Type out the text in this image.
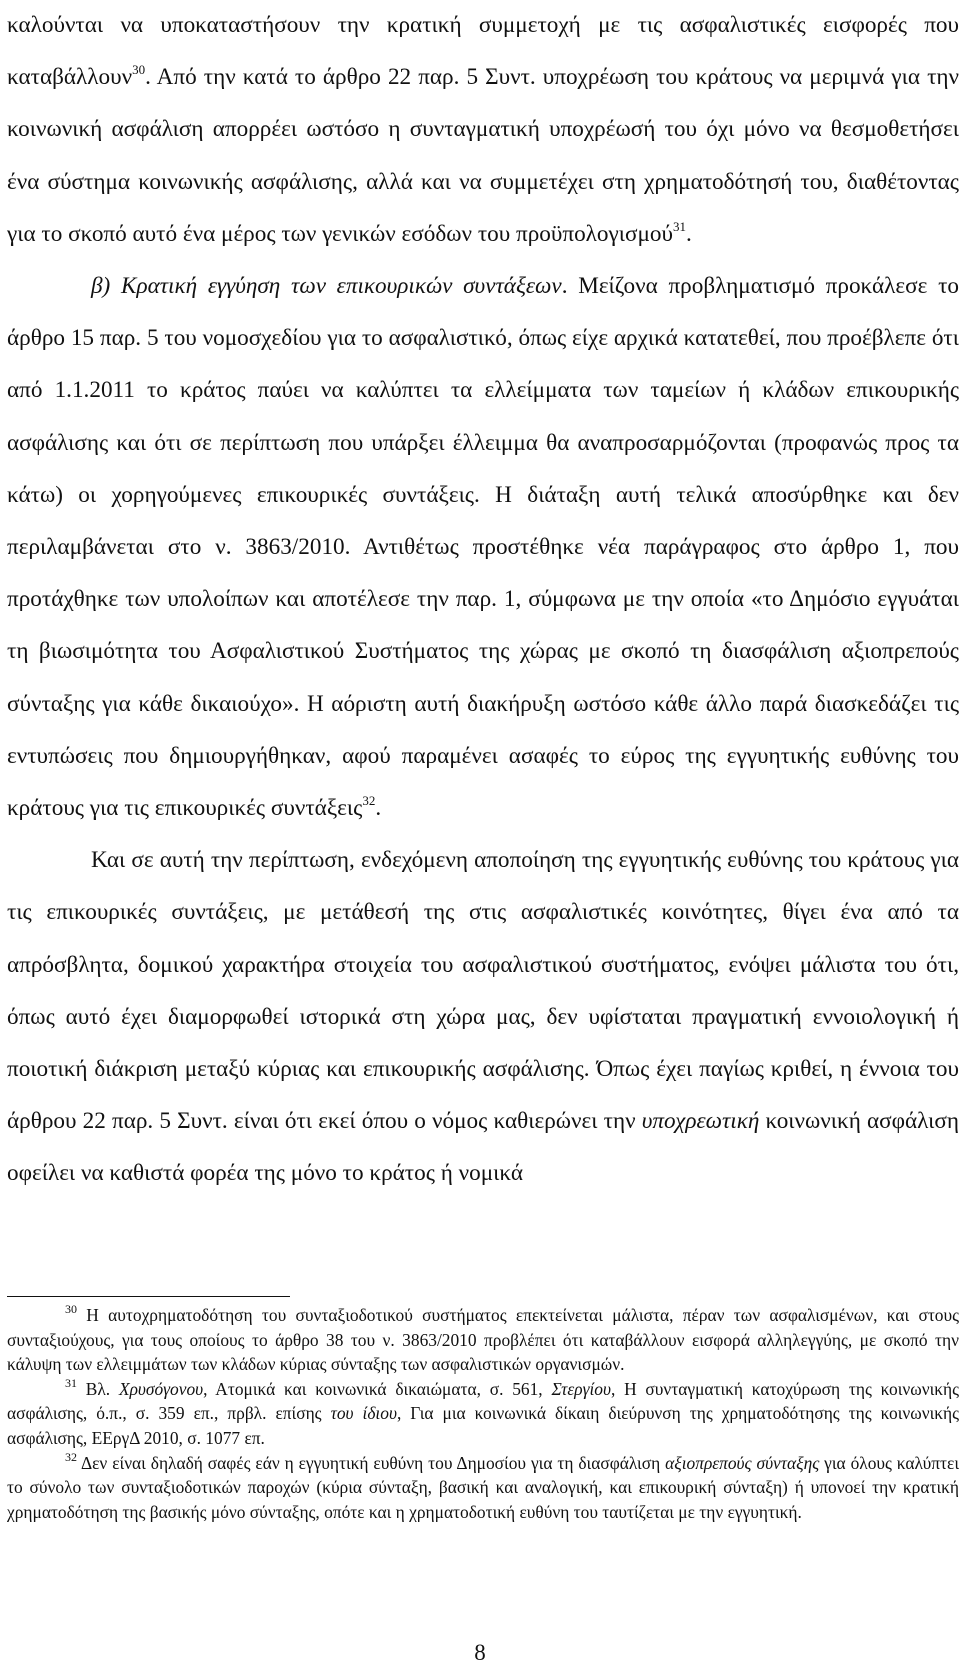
καλούνται να υποκαταστήσουν την κρατική συμμετοχή με τις ασφαλιστικές εισφορές που καταβάλλουν$^{30}$. Από την κατά το άρθρο 22 παρ. 5 Συντ. υποχρέωση του κράτους να μεριμνά για την κοινωνική ασφάλιση απορρέει ωστόσο η συνταγματική υποχρέωσή του όχι μόνο να θεσμοθετήσει ένα σύστημα κοινωνικής ασφάλισης, αλλά και να συμμετέχει στη χρηματοδότησή του, διαθέτοντας για το σκοπό αυτό ένα μέρος των γενικών εσόδων του προϋπολογισμού$^{31}$.

β) Κρατική εγγύηση των επικουρικών συντάξεων. Μείζονα προβληματισμό προκάλεσε το άρθρο 15 παρ. 5 του νομοσχεδίου για το ασφαλιστικό, όπως είχε αρχικά κατατεθεί, που προέβλεπε ότι από 1.1.2011 το κράτος παύει να καλύπτει τα ελλείμματα των ταμείων ή κλάδων επικουρικής ασφάλισης και ότι σε περίπτωση που υπάρξει έλλειμμα θα αναπροσαρμόζονται (προφανώς προς τα κάτω) οι χορηγούμενες επικουρικές συντάξεις. Η διάταξη αυτή τελικά αποσύρθηκε και δεν περιλαμβάνεται στο ν. 3863/2010. Αντιθέτως προστέθηκε νέα παράγραφος στο άρθρο 1, που προτάχθηκε των υπολοίπων και αποτέλεσε την παρ. 1, σύμφωνα με την οποία «το Δημόσιο εγγυάται τη βιωσιμότητα του Ασφαλιστικού Συστήματος της χώρας με σκοπό τη διασφάλιση αξιοπρεπούς σύνταξης για κάθε δικαιούχο». Η αόριστη αυτή διακήρυξη ωστόσο κάθε άλλο παρά διασκεδάζει τις εντυπώσεις που δημιουργήθηκαν, αφού παραμένει ασαφές το εύρος της εγγυητικής ευθύνης του κράτους για τις επικουρικές συντάξεις$^{32}$.

Και σε αυτή την περίπτωση, ενδεχόμενη αποποίηση της εγγυητικής ευθύνης του κράτους για τις επικουρικές συντάξεις, με μετάθεσή της στις ασφαλιστικές κοινότητες, θίγει ένα από τα απρόσβλητα, δομικού χαρακτήρα στοιχεία του ασφαλιστικού συστήματος, ενόψει μάλιστα του ότι, όπως αυτό έχει διαμορφωθεί ιστορικά στη χώρα μας, δεν υφίσταται πραγματική εννοιολογική ή ποιοτική διάκριση μεταξύ κύριας και επικουρικής ασφάλισης. Όπως έχει παγίως κριθεί, η έννοια του άρθρου 22 παρ. 5 Συντ. είναι ότι εκεί όπου ο νόμος καθιερώνει την υποχρεωτική κοινωνική ασφάλιση οφείλει να καθιστά φορέα της μόνο το κράτος ή νομικά

$^{30}$ Η αυτοχρηματοδότηση του συνταξιοδοτικού συστήματος επεκτείνεται μάλιστα, πέραν των ασφαλισμένων, και στους συνταξιούχους, για τους οποίους το άρθρο 38 του ν. 3863/2010 προβλέπει ότι καταβάλλουν εισφορά αλληλεγγύης, με σκοπό την κάλυψη των ελλειμμάτων των κλάδων κύριας σύνταξης των ασφαλιστικών οργανισμών.

$^{31}$ Βλ. Χρυσόγονου, Ατομικά και κοινωνικά δικαιώματα, σ. 561, Στεργίου, Η συνταγματική κατοχύρωση της κοινωνικής ασφάλισης, ό.π., σ. 359 επ., πρβλ. επίσης του ίδιου, Για μια κοινωνικά δίκαιη διεύρυνση της χρηματοδότησης της κοινωνικής ασφάλισης, ΕΕργΔ 2010, σ. 1077 επ.

$^{32}$ Δεν είναι δηλαδή σαφές εάν η εγγυητική ευθύνη του Δημοσίου για τη διασφάλιση αξιοπρεπούς σύνταξης για όλους καλύπτει το σύνολο των συνταξιοδοτικών παροχών (κύρια σύνταξη, βασική και αναλογική, και επικουρική σύνταξη) ή υπονοεί την κρατική χρηματοδότηση της βασικής μόνο σύνταξης, οπότε και η χρηματοδοτική ευθύνη του ταυτίζεται με την εγγυητική.

8
